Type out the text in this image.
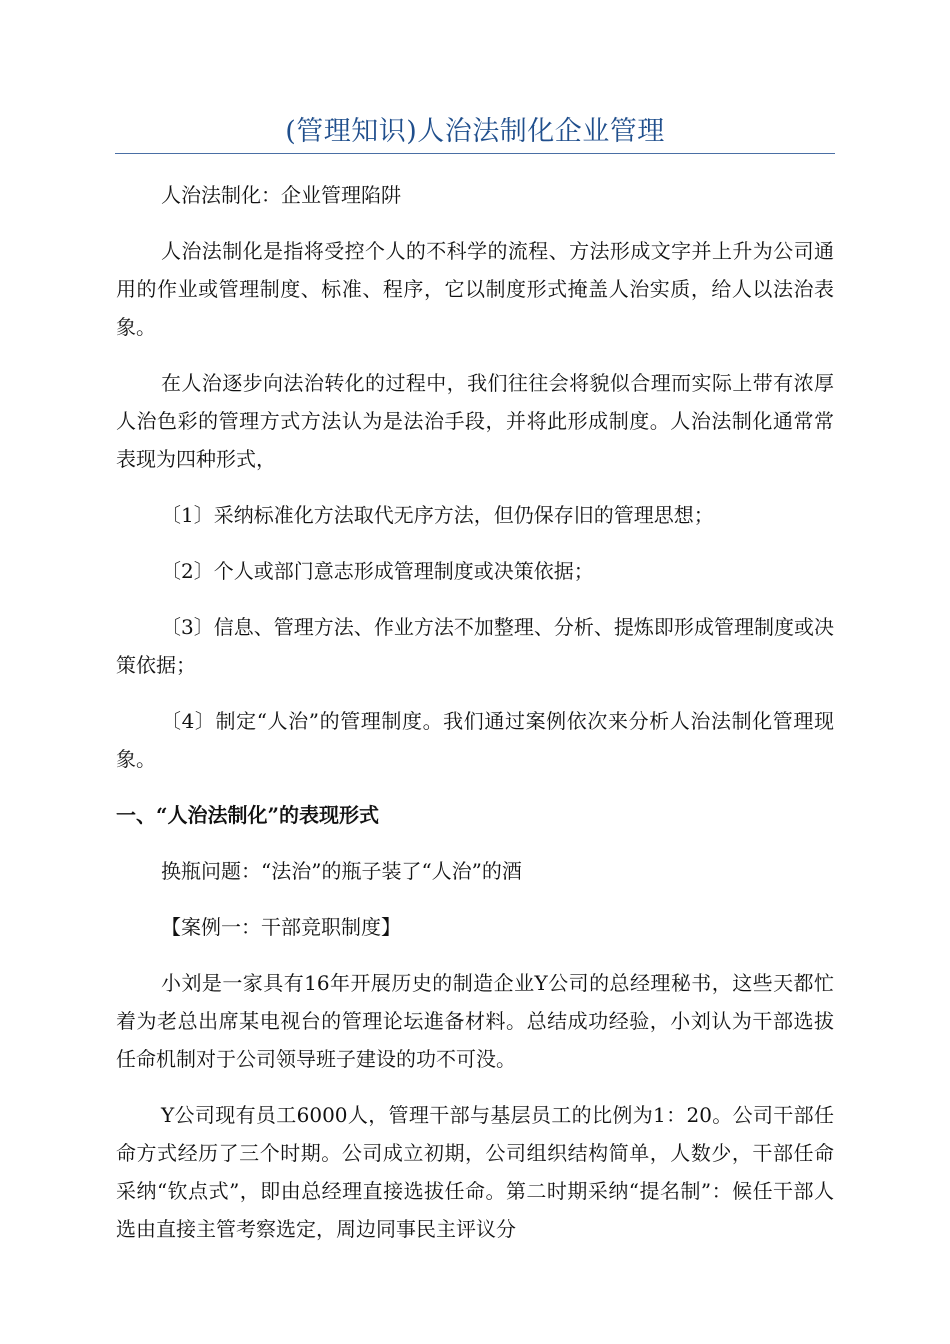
(管理知识)人治法制化企业管理

人治法制化：企业管理陷阱

人治法制化是指将受控个人的不科学的流程、方法形成文字并上升为公司通用的作业或管理制度、标准、程序，它以制度形式掩盖人治实质，给人以法治表象。

在人治逐步向法治转化的过程中，我们往往会将貌似合理而实际上带有浓厚人治色彩的管理方式方法认为是法治手段，并将此形成制度。人治法制化通常常表现为四种形式，

〔1〕采纳标准化方法取代无序方法，但仍保存旧的管理思想；

〔2〕个人或部门意志形成管理制度或决策依据；

〔3〕信息、管理方法、作业方法不加整理、分析、提炼即形成管理制度或决策依据；

〔4〕制定“人治”的管理制度。我们通过案例依次来分析人治法制化管理现象。

一、“人治法制化”的表现形式

换瓶问题：“法治”的瓶子装了“人治”的酒

【案例一：干部竞职制度】

小刘是一家具有16年开展历史的制造企业Y公司的总经理秘书，这些天都忙着为老总出席某电视台的管理论坛進备材料。总结成功经验，小刘认为干部选拔任命机制对于公司领导班子建设的功不可没。

Y公司现有员工6000人，管理干部与基层员工的比例为1：20。公司干部任命方式经历了三个时期。公司成立初期，公司组织结构简单，人数少，干部任命采纳“钦点式”，即由总经理直接选拔任命。第二时期采纳“提名制”：候任干部人选由直接主管考察选定，周边同事民主评议分
